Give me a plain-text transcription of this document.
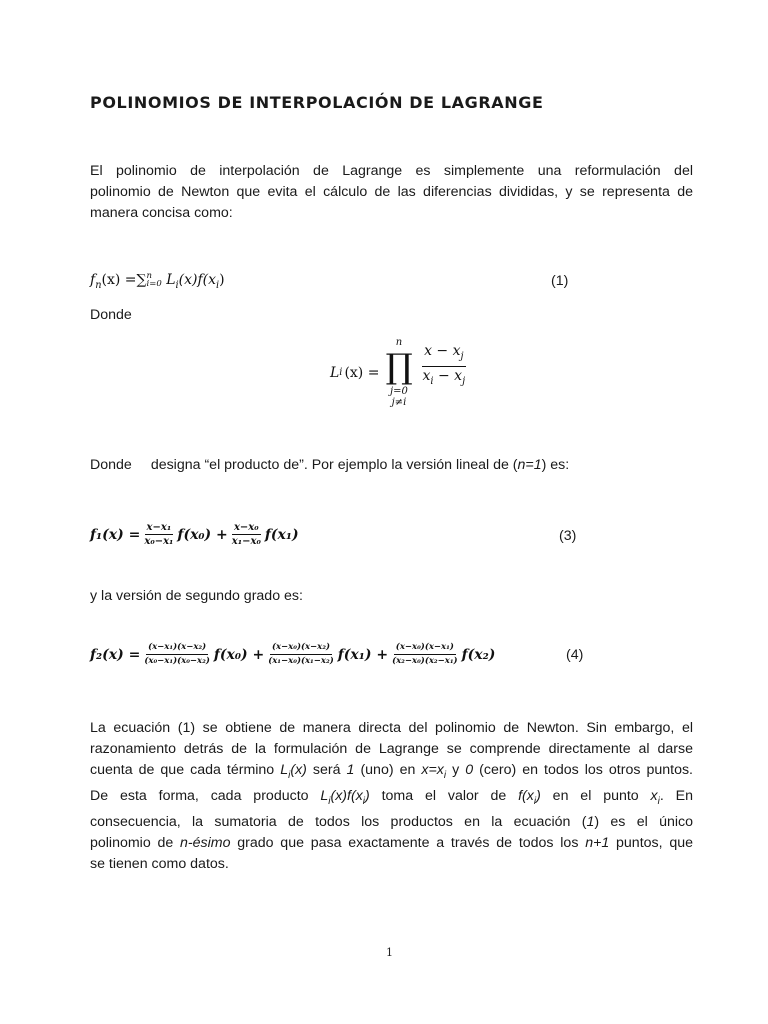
POLINOMIOS DE INTERPOLACIÓN DE LAGRANGE
El polinomio de interpolación de Lagrange es simplemente una reformulación del
polinomio de Newton que evita el cálculo de las diferencias divididas, y se representa de
manera concisa como:
$f_n(x)$ =∑ n
i=0 $L_i(x)f(x_i)$	(1)
Donde
L i (x) =
n
∏
j=0
j≠i
$\frac{x - x_j}{x_i - x_j}$
Donde designa “el producto de”. Por ejemplo la versión lineal de (n=1) es:
$f_1(x) = \frac{\text{x−x₁}}{\text{x₀−x₁}} f(x_0) + \frac{\text{x−x₀}}{\text{x₁−x₀}} f(x_1)$	(3)
y la versión de segundo grado es:
$f_2(x) = \frac{\text{(x−x₁)(x−x₂)}}{\text{(x₀−x₁)(x₀−x₂)}} f(x_0) + \frac{\text{(x−x₀)(x−x₂)}}{\text{(x₁−x₀)(x₁−x₂)}} f(x_1) + \frac{\text{(x−x₀)(x−x₁)}}{\text{(x₂−x₀)(x₂−x₁)}} f(x_2)$	(4)
La ecuación (1) se obtiene de manera directa del polinomio de Newton. Sin embargo, el
razonamiento detrás de la formulación de Lagrange se comprende directamente al darse
cuenta de que cada término $L_i(x)$ será 1 (uno) en $x=x_i$ y 0 (cero) en todos los otros puntos.
De esta forma, cada producto $L_i(x)f(x_i)$ toma el valor de $f(x_i)$ en el punto $x_i$. En
consecuencia, la sumatoria de todos los productos en la ecuación (1) es el único
polinomio de n-ésimo grado que pasa exactamente a través de todos los n+1 puntos, que
se tienen como datos.
1
